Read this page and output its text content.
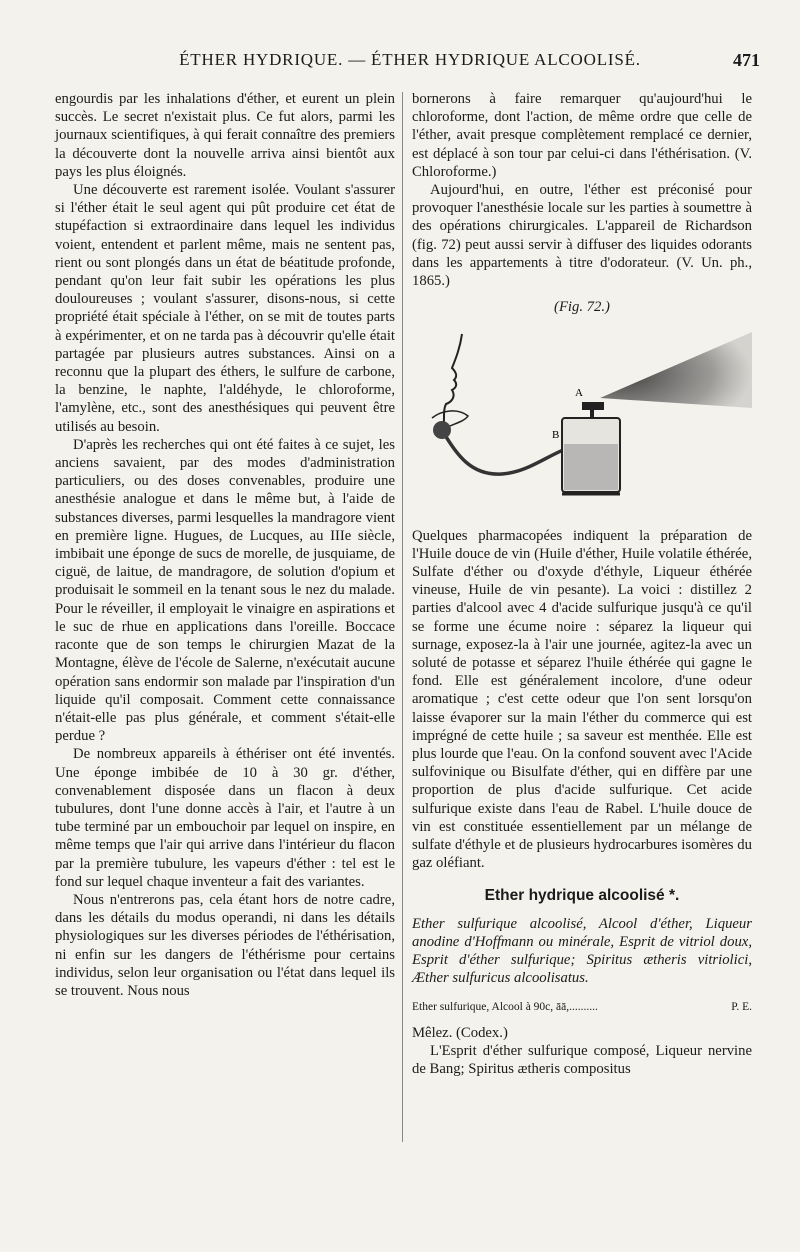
ÉTHER HYDRIQUE. — ÉTHER HYDRIQUE ALCOOLISÉ.	471

engourdis par les inhalations d'éther, et eurent un plein succès. Le secret n'existait plus. Ce fut alors, parmi les journaux scientifiques, à qui ferait connaître des premiers la découverte dont la nouvelle arriva ainsi bientôt aux pays les plus éloignés.

Une découverte est rarement isolée. Voulant s'assurer si l'éther était le seul agent qui pût produire cet état de stupéfaction si extraordinaire dans lequel les individus voient, entendent et parlent même, mais ne sentent pas, rient ou sont plongés dans un état de béatitude profonde, pendant qu'on leur fait subir les opérations les plus douloureuses ; voulant s'assurer, disons-nous, si cette propriété était spéciale à l'éther, on se mit de toutes parts à expérimenter, et on ne tarda pas à découvrir qu'elle était partagée par plusieurs autres substances. Ainsi on a reconnu que la plupart des éthers, le sulfure de carbone, la benzine, le naphte, l'aldéhyde, le chloroforme, l'amylène, etc., sont des anesthésiques qui peuvent être utilisés au besoin.

D'après les recherches qui ont été faites à ce sujet, les anciens savaient, par des modes d'administration particuliers, ou des doses convenables, produire une anesthésie analogue et dans le même but, à l'aide de substances diverses, parmi lesquelles la mandragore vient en première ligne. Hugues, de Lucques, au IIIe siècle, imbibait une éponge de sucs de morelle, de jusquiame, de ciguë, de laitue, de mandragore, de solution d'opium et produisait le sommeil en la tenant sous le nez du malade. Pour le réveiller, il employait le vinaigre en aspirations et le suc de rhue en applications dans l'oreille. Boccace raconte que de son temps le chirurgien Mazat de la Montagne, élève de l'école de Salerne, n'exécutait aucune opération sans endormir son malade par l'inspiration d'un liquide qu'il composait. Comment cette connaissance n'était-elle pas plus générale, et comment s'était-elle perdue ?

De nombreux appareils à éthériser ont été inventés. Une éponge imbibée de 10 à 30 gr. d'éther, convenablement disposée dans un flacon à deux tubulures, dont l'une donne accès à l'air, et l'autre à un tube terminé par un embouchoir par lequel on inspire, en même temps que l'air qui arrive dans l'intérieur du flacon par la première tubulure, les vapeurs d'éther : tel est le fond sur lequel chaque inventeur a fait des variantes.

Nous n'entrerons pas, cela étant hors de notre cadre, dans les détails du modus operandi, ni dans les détails physiologiques sur les diverses périodes de l'éthérisation, ni enfin sur les dangers de l'éthérisme pour certains individus, selon leur organisation ou l'état dans lequel ils se trouvent. Nous nous

bornerons à faire remarquer qu'aujourd'hui le chloroforme, dont l'action, de même ordre que celle de l'éther, avait presque complètement remplacé ce dernier, est déplacé à son tour par celui-ci dans l'éthérisation. (V. Chloroforme.)

Aujourd'hui, en outre, l'éther est préconisé pour provoquer l'anesthésie locale sur les parties à soumettre à des opérations chirurgicales. L'appareil de Richardson (fig. 72) peut aussi servir à diffuser des liquides odorants dans les appartements à titre d'odorateur. (V. Un. ph., 1865.)

(Fig. 72.)
A
B

Quelques pharmacopées indiquent la préparation de l'Huile douce de vin (Huile d'éther, Huile volatile éthérée, Sulfate d'éther ou d'oxyde d'éthyle, Liqueur éthérée vineuse, Huile de vin pesante). La voici : distillez 2 parties d'alcool avec 4 d'acide sulfurique jusqu'à ce qu'il se forme une écume noire : séparez la liqueur qui surnage, exposez-la à l'air une journée, agitez-la avec un soluté de potasse et séparez l'huile éthérée qui gagne le fond. Elle est généralement incolore, d'une odeur aromatique ; c'est cette odeur que l'on sent lorsqu'on laisse évaporer sur la main l'éther du commerce qui est imprégné de cette huile ; sa saveur est menthée. Elle est plus lourde que l'eau. On la confond souvent avec l'Acide sulfovinique ou Bisulfate d'éther, qui en diffère par une proportion de plus d'acide sulfurique. Cet acide sulfurique existe dans l'eau de Rabel. L'huile douce de vin est constituée essentiellement par un mélange de sulfate d'éthyle et de plusieurs hydrocarbures isomères du gaz oléfiant.

Ether hydrique alcoolisé *.

Ether sulfurique alcoolisé, Alcool d'éther, Liqueur anodine d'Hoffmann ou minérale, Esprit de vitriol doux, Esprit d'éther sulfurique; Spiritus ætheris vitriolici, Æther sulfuricus alcoolisatus.

Ether sulfurique, Alcool à 90c, āā,..........	P. E.

Mêlez. (Codex.)

L'Esprit d'éther sulfurique composé, Liqueur nervine de Bang; Spiritus ætheris compositus
